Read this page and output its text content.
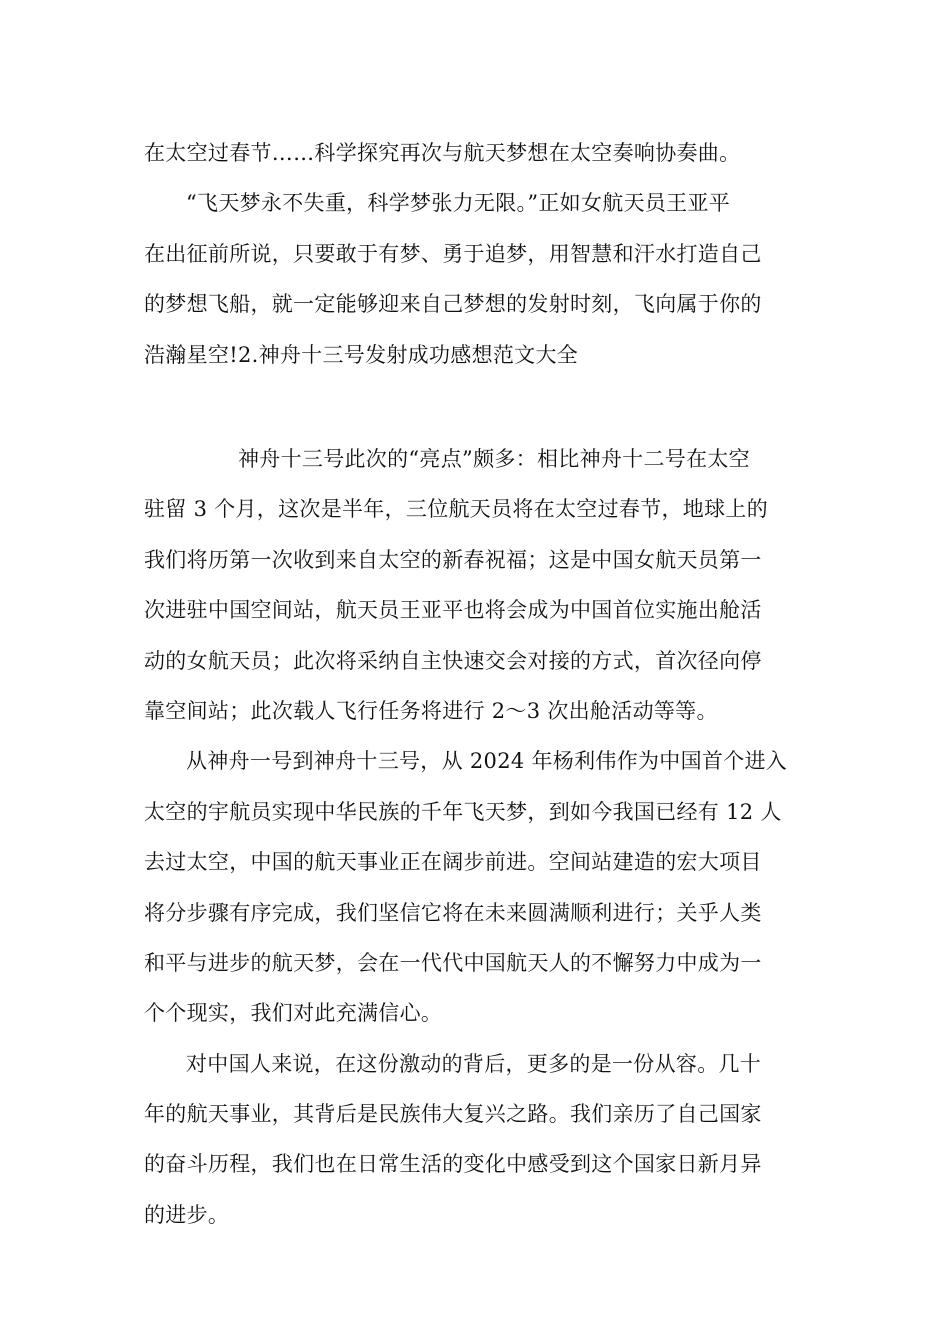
在太空过春节……科学探究再次与航天梦想在太空奏响协奏曲。
“飞天梦永不失重，科学梦张力无限。”正如女航天员王亚平
在出征前所说，只要敢于有梦、勇于追梦，用智慧和汗水打造自己
的梦想飞船，就一定能够迎来自己梦想的发射时刻，飞向属于你的
浩瀚星空!2.神舟十三号发射成功感想范文大全
神舟十三号此次的“亮点”颇多：相比神舟十二号在太空
驻留 3 个月，这次是半年，三位航天员将在太空过春节，地球上的
我们将历第一次收到来自太空的新春祝福；这是中国女航天员第一
次进驻中国空间站，航天员王亚平也将会成为中国首位实施出舱活
动的女航天员；此次将采纳自主快速交会对接的方式，首次径向停
靠空间站；此次载人飞行任务将进行 2～3 次出舱活动等等。
从神舟一号到神舟十三号，从 2024 年杨利伟作为中国首个进入
太空的宇航员实现中华民族的千年飞天梦，到如今我国已经有 12 人
去过太空，中国的航天事业正在阔步前进。空间站建造的宏大项目
将分步骤有序完成，我们坚信它将在未来圆满顺利进行；关乎人类
和平与进步的航天梦，会在一代代中国航天人的不懈努力中成为一
个个现实，我们对此充满信心。
对中国人来说，在这份激动的背后，更多的是一份从容。几十
年的航天事业，其背后是民族伟大复兴之路。我们亲历了自己国家
的奋斗历程，我们也在日常生活的变化中感受到这个国家日新月异
的进步。
